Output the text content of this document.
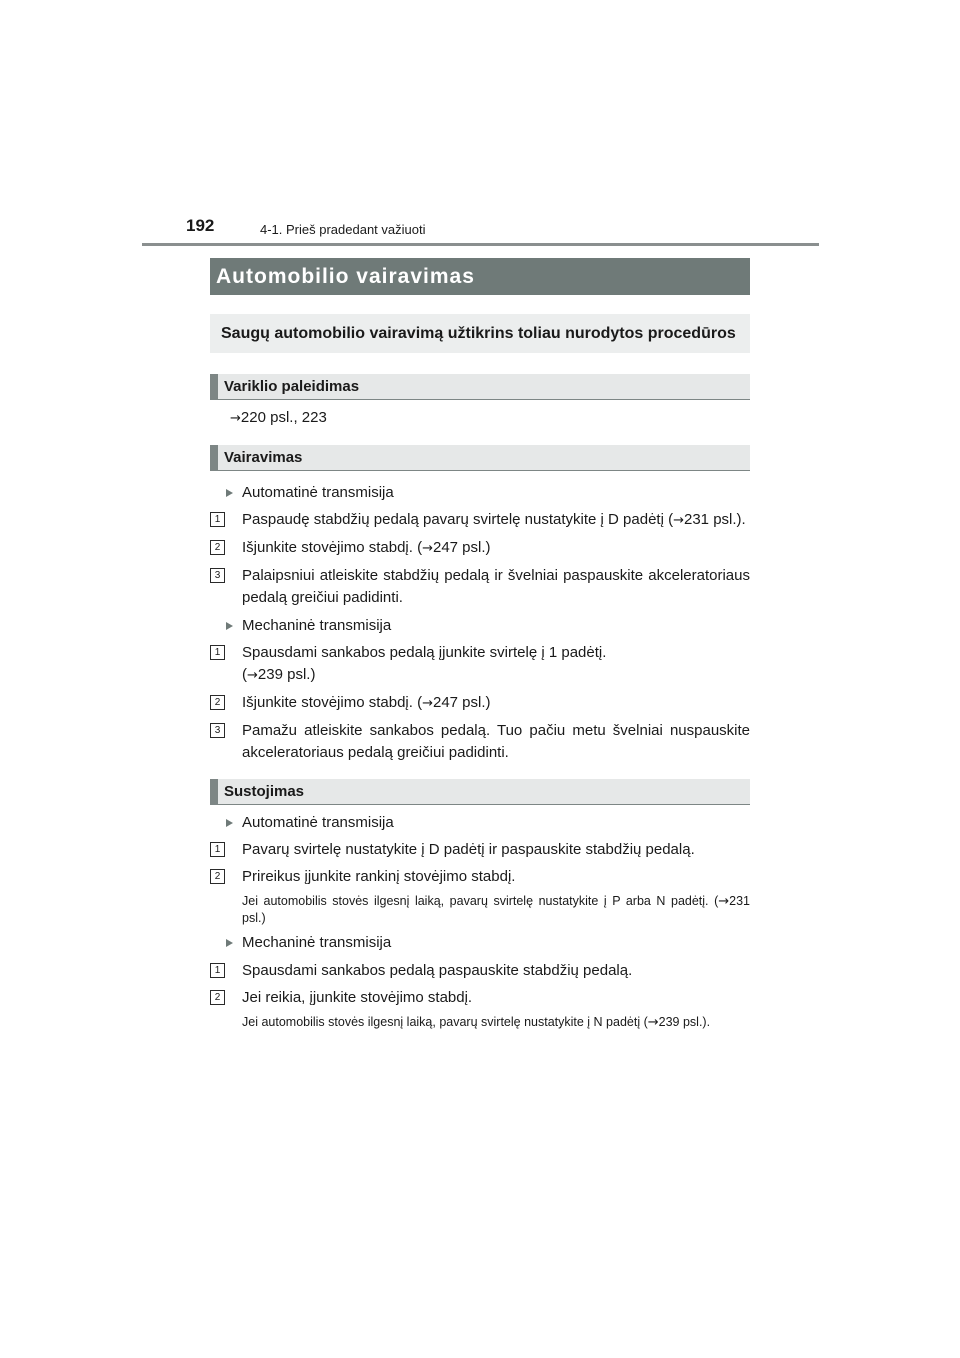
192	4-1. Prieš pradedant važiuoti
Automobilio vairavimas
Saugų automobilio vairavimą užtikrins toliau nurodytos procedūros
Variklio paleidimas
→220 psl., 223
Vairavimas
Automatinė transmisija
1	Paspaudę stabdžių pedalą pavarų svirtelę nustatykite į D padėtį (→231 psl.).
2	Išjunkite stovėjimo stabdį. (→247 psl.)
3	Palaipsniui atleiskite stabdžių pedalą ir švelniai paspauskite akceleratoriaus pedalą greičiui padidinti.
Mechaninė transmisija
1	Spausdami sankabos pedalą įjunkite svirtelę į 1 padėtį.
(→239 psl.)
2	Išjunkite stovėjimo stabdį. (→247 psl.)
3	Pamažu atleiskite sankabos pedalą. Tuo pačiu metu švelniai nuspauskite akceleratoriaus pedalą greičiui padidinti.
Sustojimas
Automatinė transmisija
1	Pavarų svirtelę nustatykite į D padėtį ir paspauskite stabdžių pedalą.
2	Prireikus įjunkite rankinį stovėjimo stabdį.
Jei automobilis stovės ilgesnį laiką, pavarų svirtelę nustatykite į P arba N padėtį. (→231 psl.)
Mechaninė transmisija
1	Spausdami sankabos pedalą paspauskite stabdžių pedalą.
2	Jei reikia, įjunkite stovėjimo stabdį.
Jei automobilis stovės ilgesnį laiką, pavarų svirtelę nustatykite į N padėtį (→239 psl.).
